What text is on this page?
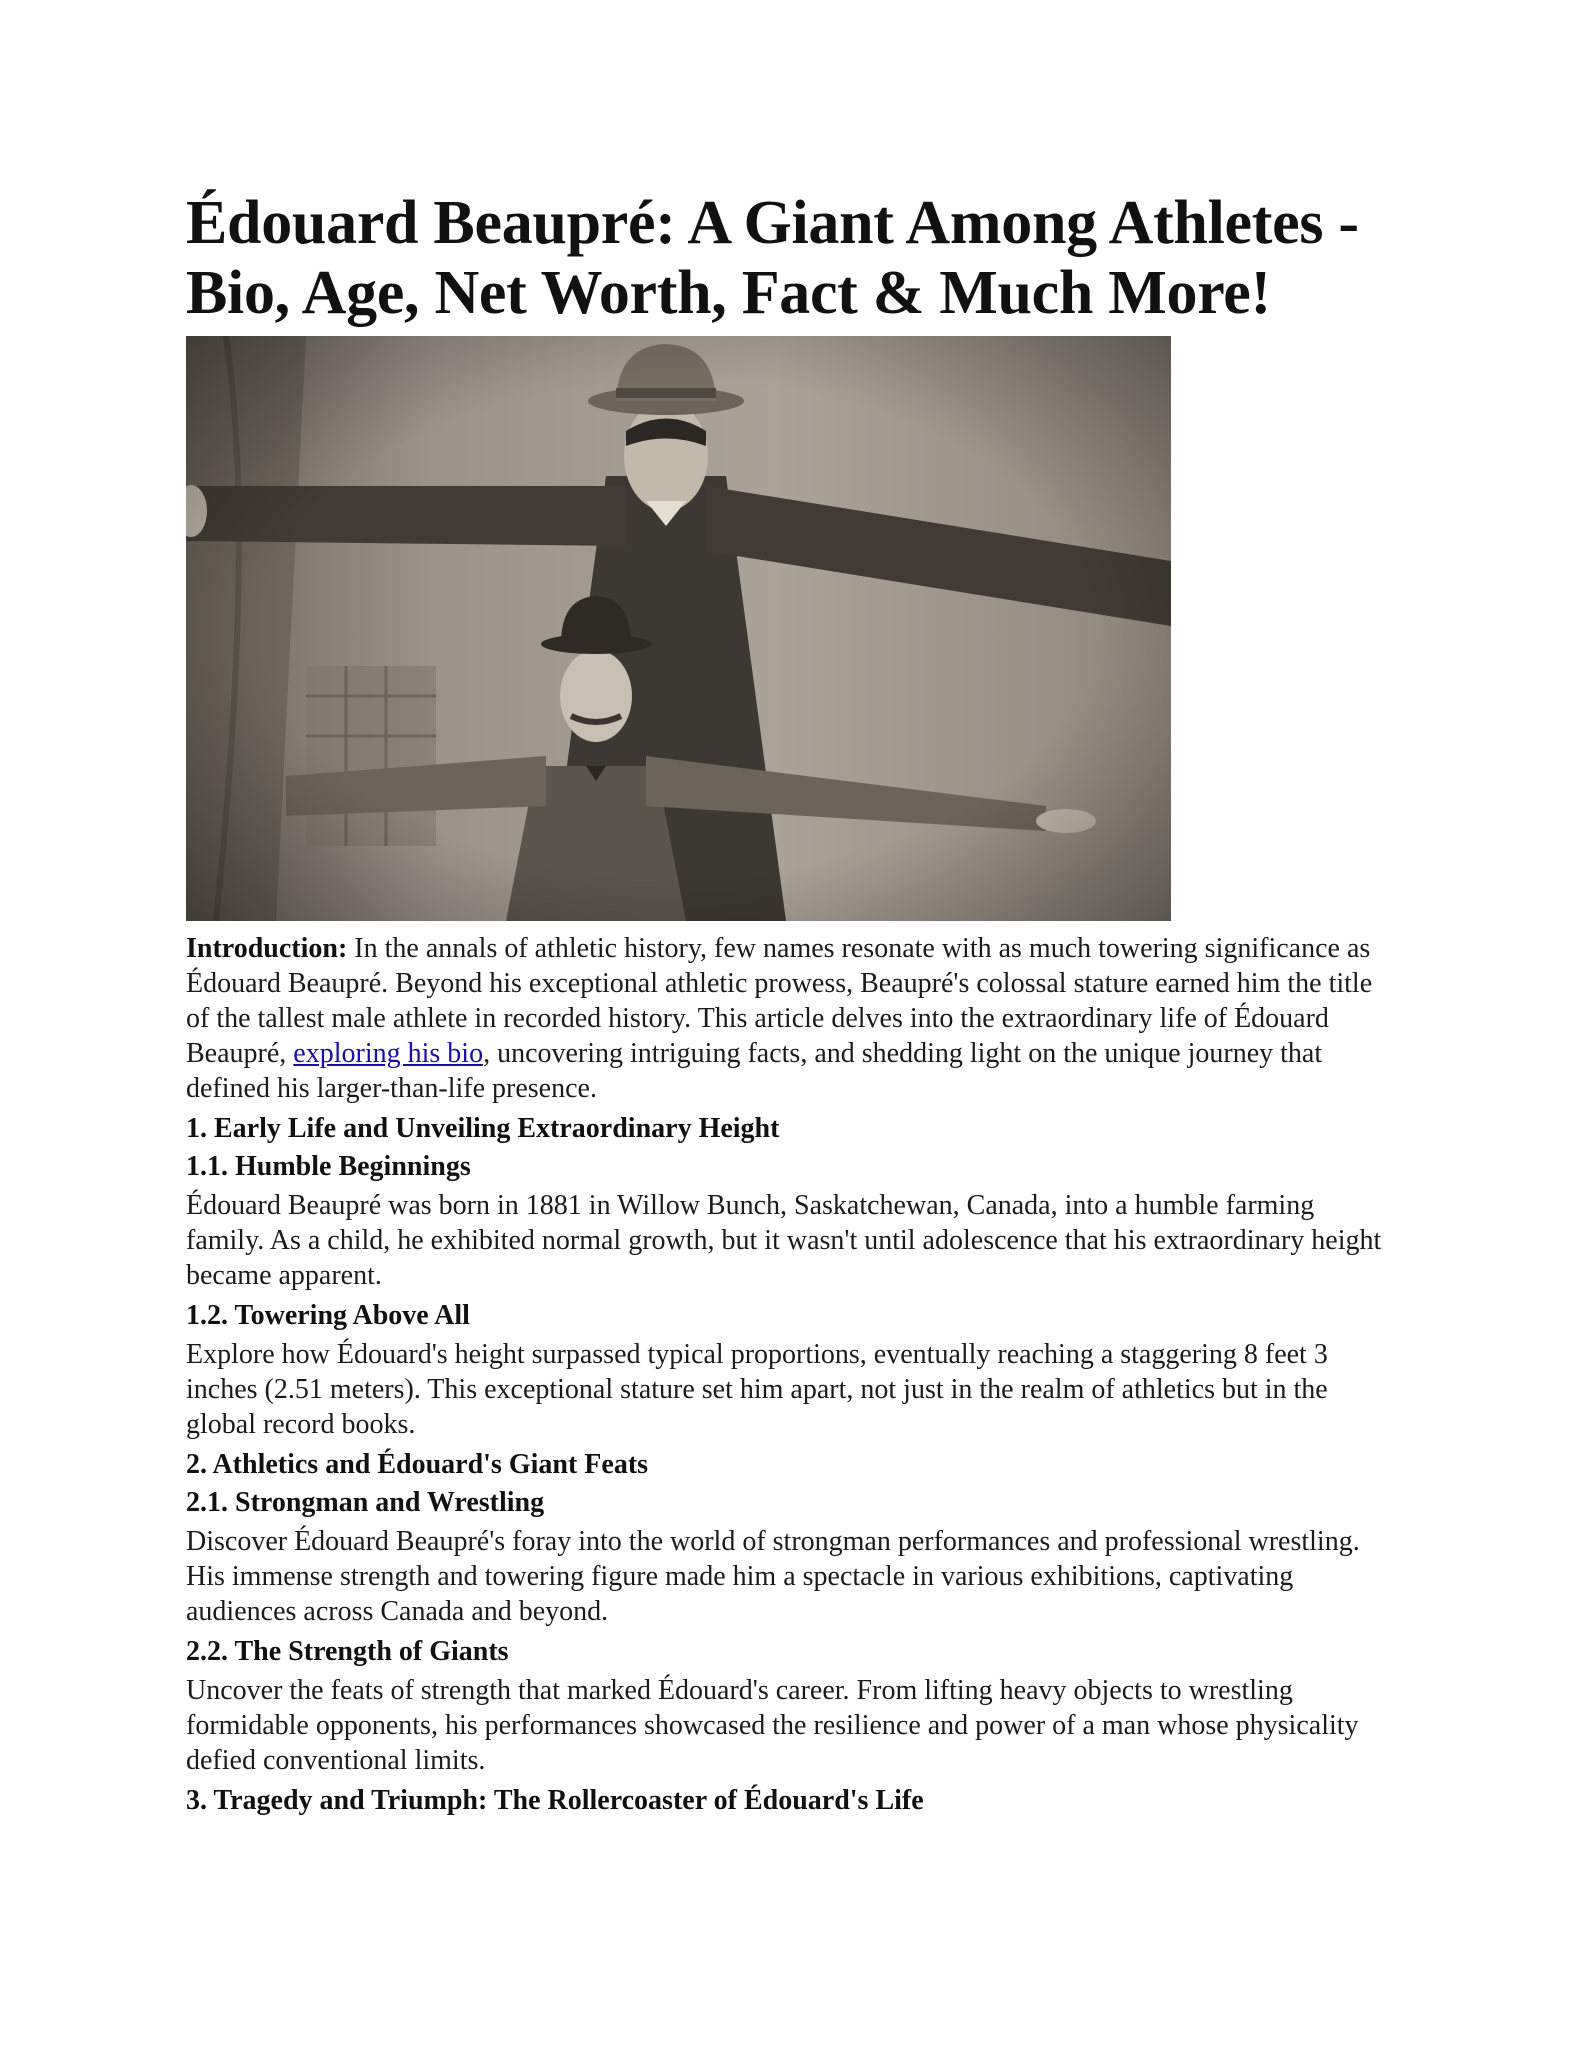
Édouard Beaupré: A Giant Among Athletes - Bio, Age, Net Worth, Fact & Much More!

Introduction: In the annals of athletic history, few names resonate with as much towering significance as Édouard Beaupré. Beyond his exceptional athletic prowess, Beaupré's colossal stature earned him the title of the tallest male athlete in recorded history. This article delves into the extraordinary life of Édouard Beaupré, exploring his bio, uncovering intriguing facts, and shedding light on the unique journey that defined his larger-than-life presence.

1. Early Life and Unveiling Extraordinary Height
1.1. Humble Beginnings

Édouard Beaupré was born in 1881 in Willow Bunch, Saskatchewan, Canada, into a humble farming family. As a child, he exhibited normal growth, but it wasn't until adolescence that his extraordinary height became apparent.

1.2. Towering Above All

Explore how Édouard's height surpassed typical proportions, eventually reaching a staggering 8 feet 3 inches (2.51 meters). This exceptional stature set him apart, not just in the realm of athletics but in the global record books.

2. Athletics and Édouard's Giant Feats
2.1. Strongman and Wrestling

Discover Édouard Beaupré's foray into the world of strongman performances and professional wrestling. His immense strength and towering figure made him a spectacle in various exhibitions, captivating audiences across Canada and beyond.

2.2. The Strength of Giants

Uncover the feats of strength that marked Édouard's career. From lifting heavy objects to wrestling formidable opponents, his performances showcased the resilience and power of a man whose physicality defied conventional limits.

3. Tragedy and Triumph: The Rollercoaster of Édouard's Life
